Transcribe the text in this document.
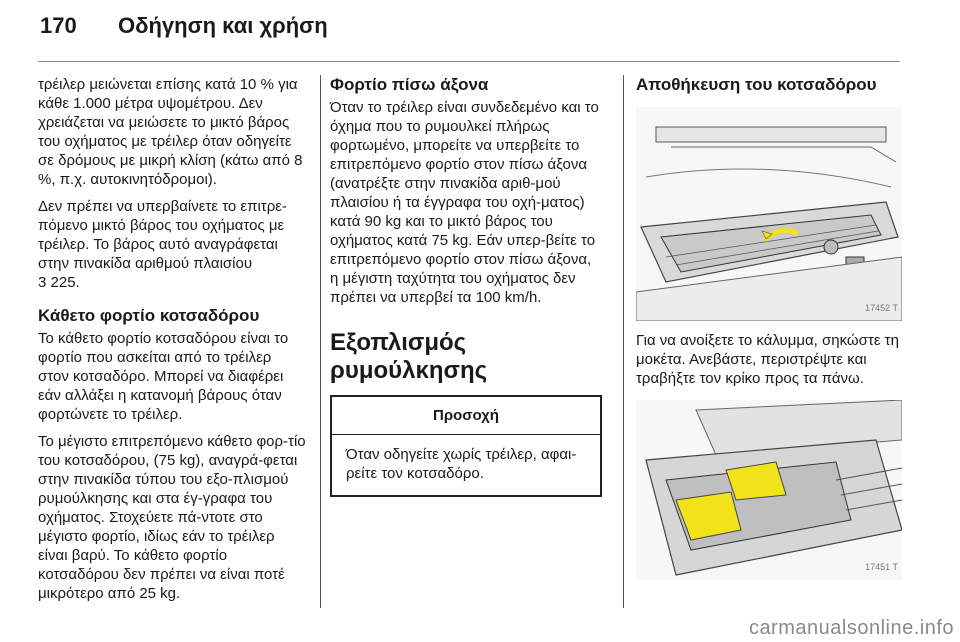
170 Οδήγηση και χρήση

τρέιλερ μειώνεται επίσης κατά 10 % για κάθε 1.000 μέτρα υψομέτρου. Δεν χρειάζεται να μειώσετε το μικτό βάρος του οχήματος με τρέιλερ όταν οδηγείτε σε δρόμους με μικρή κλίση (κάτω από 8 %, π.χ. αυτοκινητόδρομοι).

Δεν πρέπει να υπερβαίνετε το επιτρε-πόμενο μικτό βάρος του οχήματος με τρέιλερ. Το βάρος αυτό αναγράφεται στην πινακίδα αριθμού πλαισίου
3 225.

Κάθετο φορτίο κοτσαδόρου

Το κάθετο φορτίο κοτσαδόρου είναι το φορτίο που ασκείται από το τρέιλερ στον κοτσαδόρο. Μπορεί να διαφέρει εάν αλλάξει η κατανομή βάρους όταν φορτώνετε το τρέιλερ.

Το μέγιστο επιτρεπόμενο κάθετο φορ-τίο του κοτσαδόρου, (75 kg), αναγρά-φεται στην πινακίδα τύπου του εξο-πλισμού ρυμούλκησης και στα έγ-γραφα του οχήματος. Στοχεύετε πά-ντοτε στο μέγιστο φορτίο, ιδίως εάν το τρέιλερ είναι βαρύ. Το κάθετο φορτίο κοτσαδόρου δεν πρέπει να είναι ποτέ μικρότερο από 25 kg.

Φορτίο πίσω άξονα

Όταν το τρέιλερ είναι συνδεδεμένο και το όχημα που το ρυμουλκεί πλήρως φορτωμένο, μπορείτε να υπερβείτε το επιτρεπόμενο φορτίο στον πίσω άξονα (ανατρέξτε στην πινακίδα αριθ-μού πλαισίου ή τα έγγραφα του οχή-ματος) κατά 90 kg και το μικτό βάρος του οχήματος κατά 75 kg. Εάν υπερ-βείτε το επιτρεπόμενο φορτίο στον πίσω άξονα, η μέγιστη ταχύτητα του οχήματος δεν πρέπει να υπερβεί τα 100 km/h.

Εξοπλισμός ρυμούλκησης
Προσοχή
Όταν οδηγείτε χωρίς τρέιλερ, αφαι-ρείτε τον κοτσαδόρο.
Αποθήκευση του κοτσαδόρου
17452 T

Για να ανοίξετε το κάλυμμα, σηκώστε τη μοκέτα. Ανεβάστε, περιστρέψτε και τραβήξτε τον κρίκο προς τα πάνω.

17451 T
carmanualsonline.info
